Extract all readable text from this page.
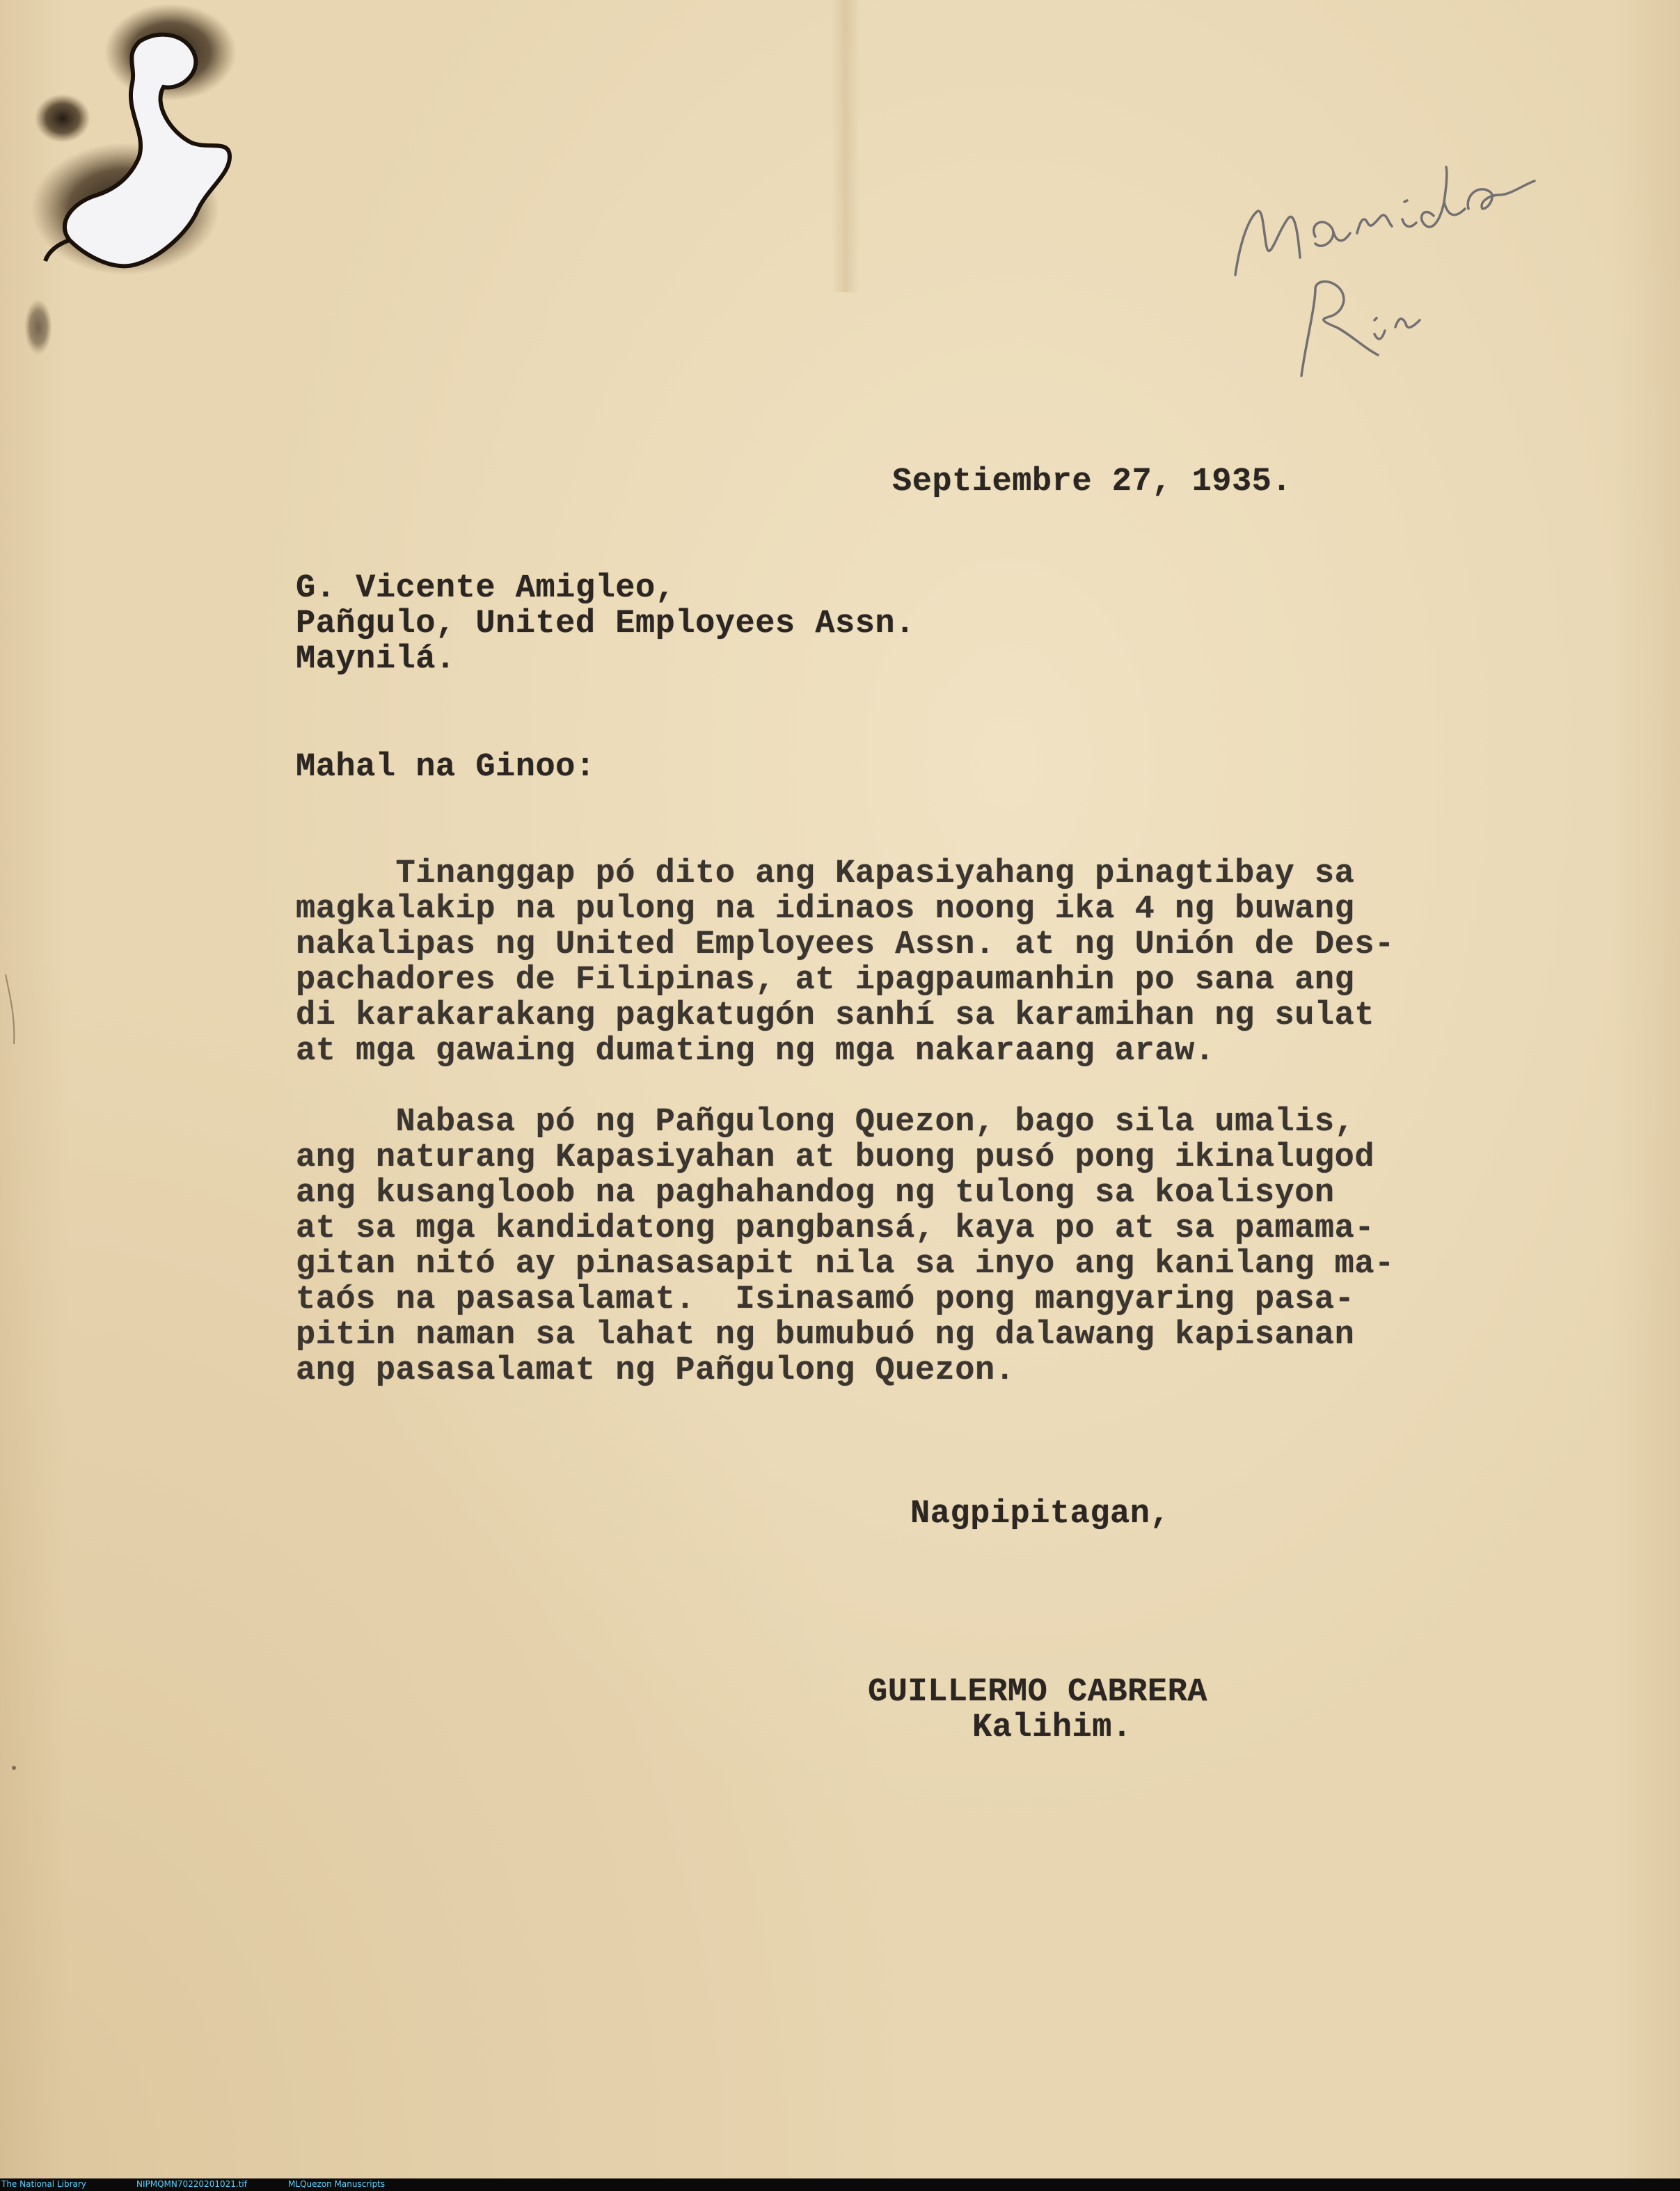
Septiembre 27, 1935.

G. Vicente Amigleo,

Pañgulo, United Employees Assn.

Maynilá.

Mahal na Ginoo:

Tinanggap pó dito ang Kapasiyahang pinagtibay sa

magkalakip na pulong na idinaos noong ika 4 ng buwang

nakalipas ng United Employees Assn. at ng Unión de Des-

pachadores de Filipinas, at ipagpaumanhin po sana ang

di karakarakang pagkatugón sanhí sa karamihan ng sulat

at mga gawaing dumating ng mga nakaraang araw.

Nabasa pó ng Pañgulong Quezon, bago sila umalis,

ang naturang Kapasiyahan at buong pusó pong ikinalugod

ang kusangloob na paghahandog ng tulong sa koalisyon

at sa mga kandidatong pangbansá, kaya po at sa pamama-

gitan nitó ay pinasasapit nila sa inyo ang kanilang ma-

taós na pasasalamat.  Isinasamó pong mangyaring pasa-

pitin naman sa lahat ng bumubuó ng dalawang kapisanan

ang pasasalamat ng Pañgulong Quezon.

Nagpipitagan,

GUILLERMO CABRERA

Kalihim.

The National Library	NIPMQMN70220201021.tif	MLQuezon Manuscripts
